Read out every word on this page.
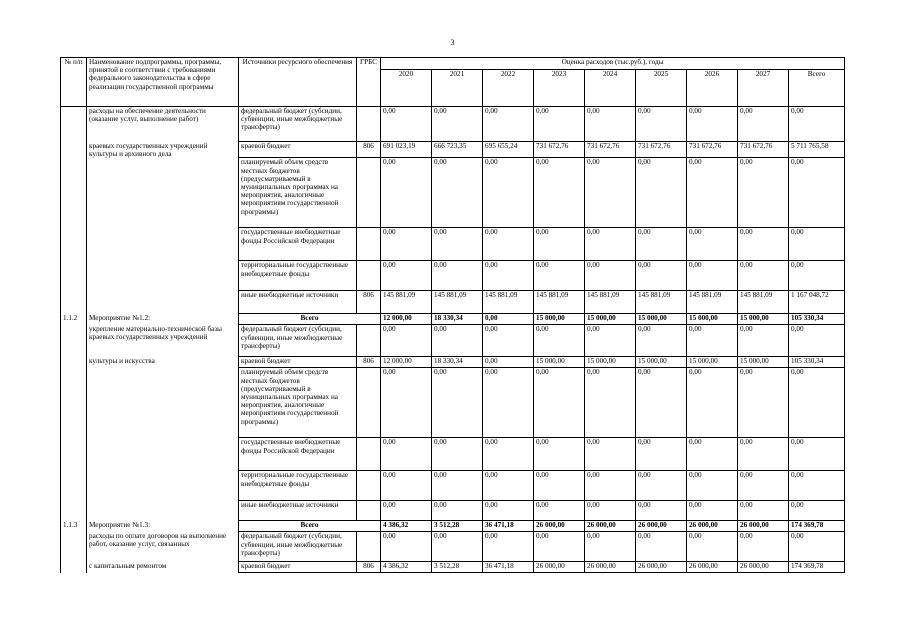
3
№ п/п	Наименование подпрограммы, программы, принятой в соответствии с требованиями федерального законодательства в сфере реализации государственной программы	Источники ресурсного обеспечения	ГРБС	Оценка расходов (тыс.руб.), годы								
				2020	2021	2022	2023	2024	2025	2026	2027	Всего
	расходы на обеспечение деятельности (оказание услуг, выполнение работ)	федеральный бюджет (субсидии, субвенции, иные межбюджетные трансферты)		0,00	0,00	0,00	0,00	0,00	0,00	0,00	0,00	0,00
	краевых государственных учреждений культуры и архивного дела	краевой бюджет	806	691 023,19	666 723,35	695 655,24	731 672,76	731 672,76	731 672,76	731 672,76	731 672,76	5 711 765,58
		планируемый объем средств местных бюджетов (предусматриваемый в муниципальных программах на мероприятия, аналогичные мероприятиям государственной программы)		0,00	0,00	0,00	0,00	0,00	0,00	0,00	0,00	0,00
		государственные внебюджетные фонды Российской Федерации		0,00	0,00	0,00	0,00	0,00	0,00	0,00	0,00	0,00
		территориальные государственные внебюджетные фонды		0,00	0,00	0,00	0,00	0,00	0,00	0,00	0,00	0,00
		иные внебюджетные источники	806	145 881,09	145 881,09	145 881,09	145 881,09	145 881,09	145 881,09	145 881,09	145 881,09	1 167 048,72
1.1.2	Мероприятие №1.2:	Всего		12 000,00	18 330,34	0,00	15 000,00	15 000,00	15 000,00	15 000,00	15 000,00	105 330,34
	укрепление материально-технической базы краевых государственных учреждений	федеральный бюджет (субсидии, субвенции, иные межбюджетные трансферты)		0,00	0,00	0,00	0,00	0,00	0,00	0,00	0,00	0,00
	культуры и искусства	краевой бюджет	806	12 000,00	18 330,34	0,00	15 000,00	15 000,00	15 000,00	15 000,00	15 000,00	105 330,34
		планируемый объем средств местных бюджетов (предусматриваемый в муниципальных программах на мероприятия, аналогичные мероприятиям государственной программы)		0,00	0,00	0,00	0,00	0,00	0,00	0,00	0,00	0,00
		государственные внебюджетные фонды Российской Федерации		0,00	0,00	0,00	0,00	0,00	0,00	0,00	0,00	0,00
		территориальные государственные внебюджетные фонды		0,00	0,00	0,00	0,00	0,00	0,00	0,00	0,00	0,00
		иные внебюджетные источники		0,00	0,00	0,00	0,00	0,00	0,00	0,00	0,00	0,00
1.1.3	Мероприятие №1.3:	Всего		4 386,32	3 512,28	36 471,18	26 000,00	26 000,00	26 000,00	26 000,00	26 000,00	174 369,78
	расходы по оплате договоров на выполнение работ, оказание услуг, связанных	федеральный бюджет (субсидии, субвенции, иные межбюджетные трансферты)		0,00	0,00	0,00	0,00	0,00	0,00	0,00	0,00	0,00
	с капитальным ремонтом	краевой бюджет	806	4 386,32	3 512,28	36 471,18	26 000,00	26 000,00	26 000,00	26 000,00	26 000,00	174 369,78
